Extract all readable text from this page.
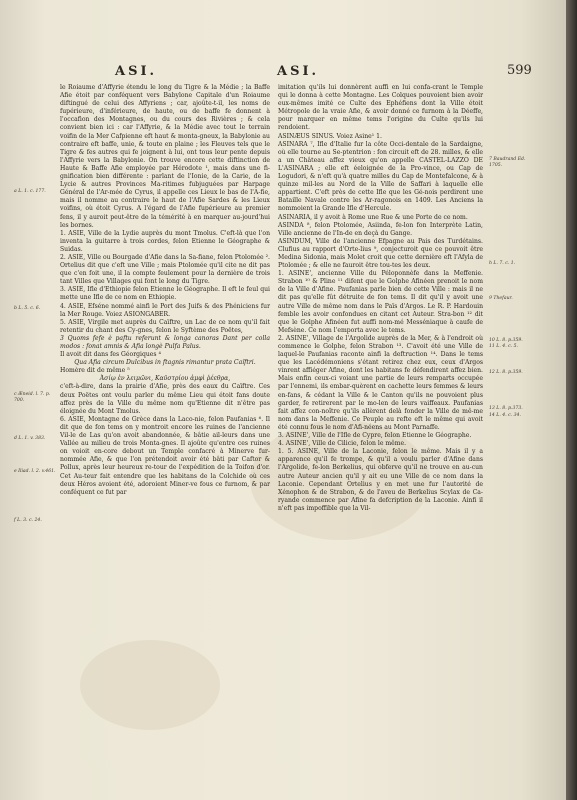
ASI.	ASI.	599

le Roiaume d'Affyrie étendu le long du Tigre & la Médie ; la Baffe Afie étoit par conféquent vers Babylone Capitale d'un Roiaume diftingué de celui des Affyriens ; car, ajoûte-t-il, les noms de fupérieure, d'inférieure, de haute, ou de baffe fe donnent à l'occafion des Montagnes, ou du cours des Rivières ; & cela convient bien ici : car l'Affyrie, & la Médie avec tout le terrain voifin de la Mer Cafpienne eft haut & monta-gneux, la Babylonie au contraire eft baffe, unie, & toute en plaine ; les Fleuves tels que le Tigre & fes autres qui fe joignent à lui, ont tous leur pente depuis l'Affyrie vers la Babylonie. On trouve encore cette diftinction de Haute & Baffe Afie employée par Hérodote ¹, mais dans une fi-gnification bien différente : parlant de l'Ionie, de la Carie, de la Lycie & autres Provinces Ma-ritimes fubjuguées par Harpage Général de l'Ar-mée de Cyrus, il appelle ces Lieux le bas de l'A-fie, mais il nomme au contraire le haut de l'Afie Sardes & les Lieux voifins, où étoit Cyrus. A l'égard de l'Afie fupérieure au premier fens, il y auroit peut-être de la témérité à en marquer au-jourd'hui les bornes.

1. ASIE, Ville de la Lydie auprès du mont Tmolus. C'eft-là que l'on inventa la guitarre à trois cordes, felon Etienne le Géographe & Suidas.

2. ASIE, Ville ou Bourgade d'Afie dans la Sa-fiane, felon Ptolomée ². Ortelius dit que c'eft une Ville ; mais Ptolomée qu'il cite ne dit pas que c'en foit une, il la compte feulement pour la dernière de trois tant Villes que Villages qui font le long du Tigre.

3. ASIE, Ifle d'Ethiopie felon Etienne le Géographe. Il eft le feul qui mette une Ifle de ce nom en Ethiopie.

4. ASIE, Efséne nommé ainfi le Port des Juifs & des Phéniciens fur la Mer Rouge. Voiez ASIONGABER.

5. ASIE, Virgile met auprès du Caïftre, un Lac de ce nom qu'il fait retentir du chant des Cy-gnes, felon le Syftème des Poëtes,

3 Quoms fefe è paftu referunt & longa canoras Dant per colla modos : fonat amnis & Afia longè Pulfa Palus.

Il avoit dit dans fes Géorgiques ⁴

Qua Afia circum Dulcibus in ftagnis rimantur prata Caïftri.

Homère dit de même ⁵

Ἀσίῳ ἐν λειμῶνι, Καϋστρίου ἀμφὶ ῥέεθρα,

c'eft-à-dire, dans la prairie d'Afie, près des eaux du Caïftre. Ces deux Poëtes ont voulu parler du même Lieu qui étoit fans doute affez près de la Ville du même nom qu'Etienne dit n'être pas éloignée du Mont Tmolus.

6. ASIE, Montagne de Grèce dans la Laco-nie, felon Paufanias ⁶. Il dit que de fon tems on y montroit encore les ruines de l'ancienne Vil-le de Las qu'on avoit abandonnée, & bâtie ail-leurs dans une Vallée au milieu de trois Monta-gnes. Il ajoûte qu'entre ces ruines on voioit en-core debout un Temple confacré à Minerve fur-nommée Afie, & que l'on prétendoit avoir été bâti par Caftor & Pollux, après leur heureux re-tour de l'expédition de la Toifon d'or. Cet Au-teur fait entendre que les habitans de la Colchide où ces deux Héros avoient été, adoroient Miner-ve fous ce furnom, & par conféquent ce fut par

imitation qu'ils lui donnèrent auffi en lui confa-crant le Temple qui le donna à cette Montagne. Les Colques pouvoient bien avoir eux-mêmes imité ce Culte des Ephéfiens dont la Ville étoit Métropole de la vraie Afie, & avoir donné ce furnom à la Déeffe, pour marquer en même tems l'origine du Culte qu'ils lui rendoient.

ASINÆUS SINUS. Voiez Asine¹ 1.

ASINARA ⁷, Ifle d'Italie fur la côte Occi-dentale de la Sardaigne, où elle tourne au Se-ptentrion : fon circuit eft de 28. milles, & elle a un Château affez vieux qu'on appelle CASTEL-LAZZO DE L'ASINARA ; elle eft éeloignée de la Pro-vince, ou Cap de Logudori, & n'eft qu'à quatre milles du Cap de Montefalcone, & à quinze mil-les au Nord de la Ville de Saffari à laquelle elle appartient. C'eft près de cette Ifle que les Gé-nois perdirent une Bataille Navale contre les Ar-ragonois en 1409. Les Anciens la nommoient la Grande Ifle d'Hercule.

ASINARIA, il y avoit à Rome une Rue & une Porte de ce nom.

ASINDA ⁸, felon Ptolomée, Asiinda, fe-lon fon Interprète Latin, Ville ancienne de l'In-de en deçà du Gange.

ASINDUM, Ville de l'ancienne Efpagne au Pais des Turdétains. Clufius au rapport d'Orte-lius ⁹, conjecturoit que ce pouvoit être Medina Sidonia, mais Molet croit que cette dernière eft l'Afyla de Ptolomée ; & elle ne fauroit être tou-tes les deux.

1. ASINE', ancienne Ville du Péloponnèfe dans la Meffenie. Strabon ¹⁰ & Pline ¹¹ difent que le Golphe Afinéen prenoit le nom de la Ville d'Afine. Paufanias parle bien de cette Ville : mais il ne dit pas qu'elle fût détruite de fon tems. Il dit qu'il y avoit une autre Ville de même nom dans le Païs d'Argos. Le R. P. Hardouin femble les avoir confondues en citant cet Auteur. Stra-bon ¹² dit que le Golphe Afinéen fut auffi nom-mé Messéniaque à caufe de Mefsène. Ce nom l'emporta avec le tems.

2. ASINE', Village de l'Argolide auprès de la Mer, & à l'endroit où commence le Golphe, felon Strabon ¹³. C'avoit été une Ville de laquel-le Paufanias raconte ainfi la deftruction ¹⁴. Dans le tems que les Lacédémoniens s'étant retirez chez eux, ceux d'Argos vinrent affiéger Afine, dont les habitans fe défendirent affez bien. Mais enfin ceux-ci voiant une partie de leurs remparts occupée par l'ennemi, ils embar-quèrent en cachette leurs femmes & leurs en-fans, & cédant la Ville & le Canton qu'ils ne pouvoient plus garder, fe retirerent par le mo-len de leurs vaiffeaux. Paufanias fait affez con-noître qu'ils allèrent delà fonder la Ville de mê-me nom dans la Meffenie. Ce Peuple au refte eft le même qui avoit été connu fous le nom d'Afi-néens au Mont Parnaffe.

3. ASINE', Ville de l'Ifle de Cypre, felon Etienne le Géographe.

4. ASINE', Ville de Cilicie, felon le même.

1. 5. ASINE, Ville de la Laconie, felon le même. Mais il y a apparence qu'il fe trompe, & qu'il a voulu parler d'Afine dans l'Argolide, fe-lon Berkelius, qui obferve qu'il ne trouve en au-cun autre Auteur ancien qu'il y ait eu une Ville de ce nom dans la Laconie. Cependant Ortelius y en met une fur l'autorité de Xénophon & de Strabon, & de l'aveu de Berkelius Scylax de Ca-ryande commence par Afine fa defcription de la Laconie. Ainfi il n'eft pas impoffible que la Vil-

a L. 1. c. 177.
b L. 5. c. 6.
c Æneid. l. 7. p. 700.
d L. 1. v. 383.
e Iliad. l. 2. v.461.
f L. 3. c. 24.
7 Baudrand Ed. 1705.
h L. 7. c. 1.
9 Thefaur.
10 L. 8. p.359.
11 L. 4. c. 5.
12 L. 8. p.359.
13 L. 8. p.373.
14 L. 4. c. 34.
